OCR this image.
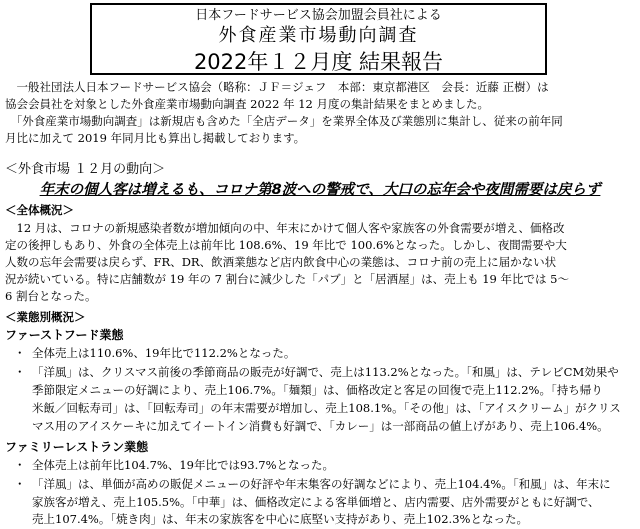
日本フードサービス協会加盟会員社による
外食産業市場動向調査
2022年１２月度 結果報告
　一般社団法人日本フードサービス協会（略称：ＪＦ＝ジェフ　本部：東京都港区　会長：近藤 正樹）は
協会会員社を対象とした外食産業市場動向調査 2022 年 12 月度の集計結果をまとめました。
　「外食産業市場動向調査」は新規店も含めた「全店データ」を業界全体及び業態別に集計し、従来の前年同
月比に加えて 2019 年同月比も算出し掲載しております。
＜外食市場 １２月の動向＞
年末の個人客は増えるも、コロナ第8波への警戒で、大口の忘年会や夜間需要は戻らず
＜全体概況＞
　12 月は、コロナの新規感染者数が増加傾向の中、年末にかけて個人客や家族客の外食需要が増え、価格改
定の後押しもあり、外食の全体売上は前年比 108.6%、19 年比で 100.6%となった。しかし、夜間需要や大
人数の忘年会需要は戻らず、FR、DR、飲酒業態など店内飲食中心の業態は、コロナ前の売上に届かない状
況が続いている。特に店舗数が 19 年の 7 割台に減少した「パブ」と「居酒屋」は、売上も 19 年比では 5～
6 割台となった。
＜業態別概況＞
ファーストフード業態
・ 全体売上は110.6%、19年比で112.2%となった。
・ 「洋風」は、クリスマス前後の季節商品の販売が好調で、売上は113.2%となった。「和風」は、テレビCM効果や
季節限定メニューの好調により、売上106.7%。「麺類」は、価格改定と客足の回復で売上112.2%。「持ち帰り
米飯／回転寿司」は、「回転寿司」の年末需要が増加し、売上108.1%。「その他」は、「アイスクリーム」がクリス
マス用のアイスケーキに加えてイートイン消費も好調で、「カレー」は一部商品の値上げがあり、売上106.4%。
ファミリーレストラン業態
・ 全体売上は前年比104.7%、19年比では93.7%となった。
・ 「洋風」は、単価が高めの販促メニューの好評や年末集客の好調などにより、売上104.4%。「和風」は、年末に
家族客が増え、売上105.5%。「中華」は、価格改定による客単価増と、店内需要、店外需要がともに好調で、
売上107.4%。「焼き肉」は、年末の家族客を中心に底堅い支持があり、売上102.3%となった。
